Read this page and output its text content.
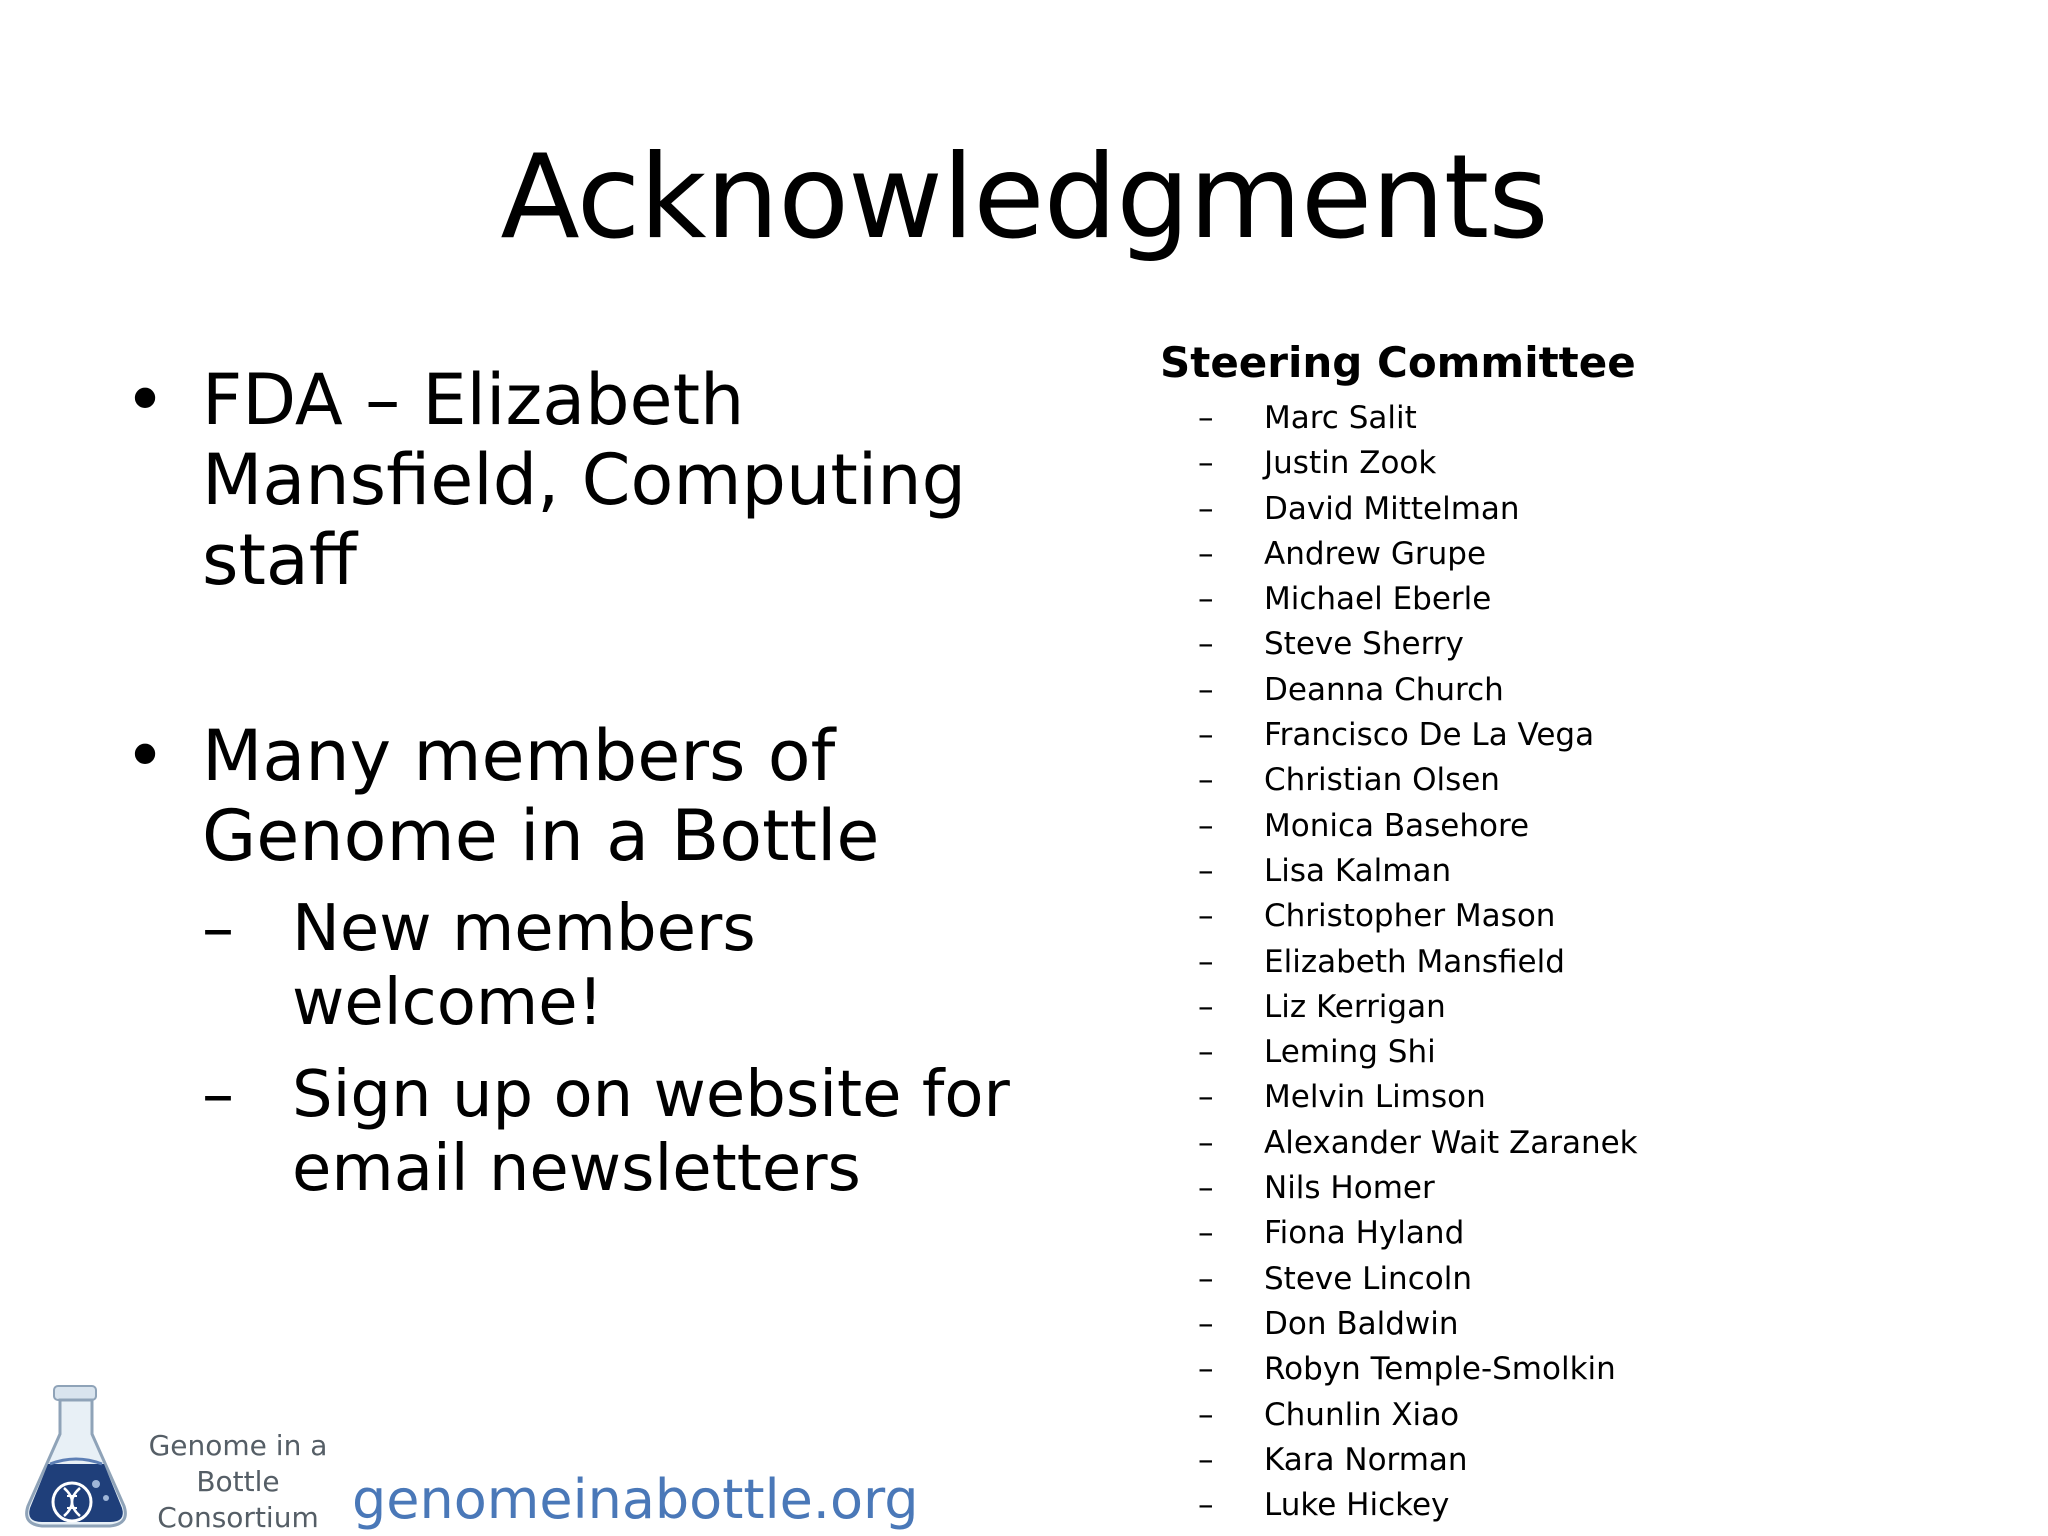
Acknowledgments
• FDA – Elizabeth Mansfield, Computing staff
• Many members of Genome in a Bottle
– New members welcome!
– Sign up on website for email newsletters
Steering Committee
– Marc Salit
– Justin Zook
– David Mittelman
– Andrew Grupe
– Michael Eberle
– Steve Sherry
– Deanna Church
– Francisco De La Vega
– Christian Olsen
– Monica Basehore
– Lisa Kalman
– Christopher Mason
– Elizabeth Mansfield
– Liz Kerrigan
– Leming Shi
– Melvin Limson
– Alexander Wait Zaranek
– Nils Homer
– Fiona Hyland
– Steve Lincoln
– Don Baldwin
– Robyn Temple-Smolkin
– Chunlin Xiao
– Kara Norman
– Luke Hickey
Genome in a Bottle
Consortium genomeinabottle.org
